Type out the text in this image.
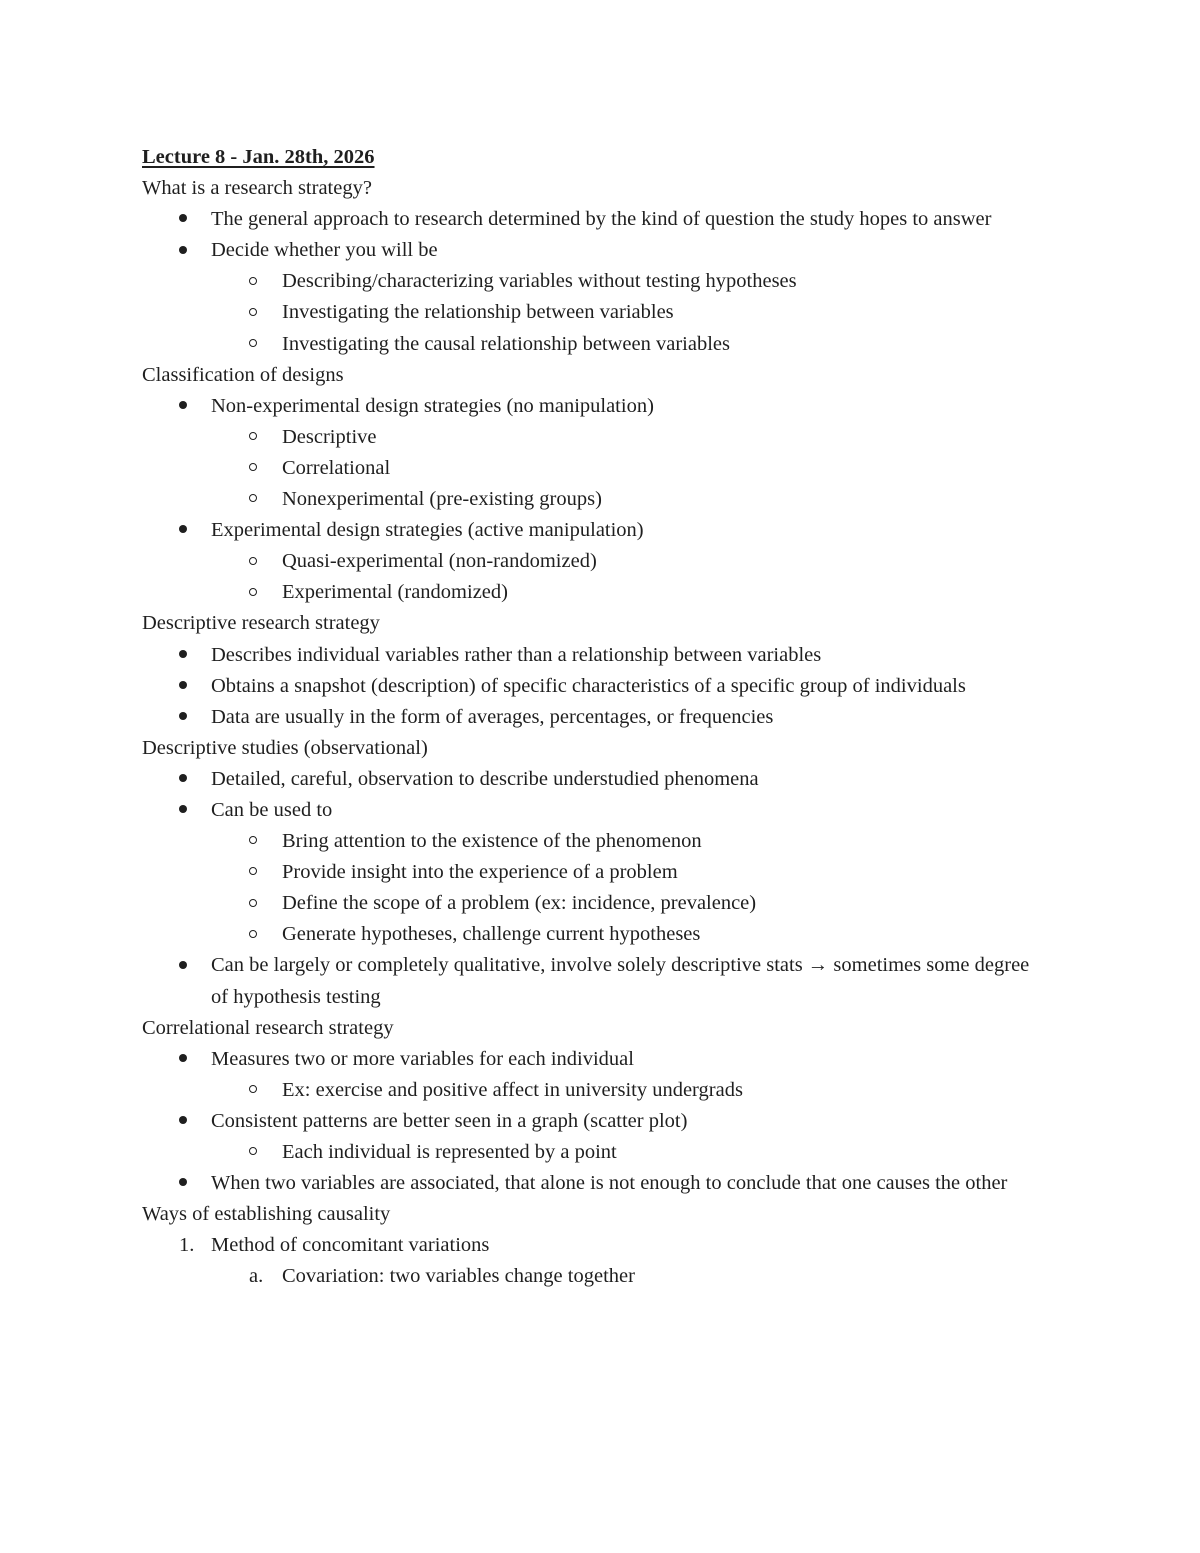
Lecture 8 - Jan. 28th, 2026
What is a research strategy?
The general approach to research determined by the kind of question the study hopes to answer
Decide whether you will be
Describing/characterizing variables without testing hypotheses
Investigating the relationship between variables
Investigating the causal relationship between variables
Classification of designs
Non-experimental design strategies (no manipulation)
Descriptive
Correlational
Nonexperimental (pre-existing groups)
Experimental design strategies (active manipulation)
Quasi-experimental (non-randomized)
Experimental (randomized)
Descriptive research strategy
Describes individual variables rather than a relationship between variables
Obtains a snapshot (description) of specific characteristics of a specific group of individuals
Data are usually in the form of averages, percentages, or frequencies
Descriptive studies (observational)
Detailed, careful, observation to describe understudied phenomena
Can be used to
Bring attention to the existence of the phenomenon
Provide insight into the experience of a problem
Define the scope of a problem (ex: incidence, prevalence)
Generate hypotheses, challenge current hypotheses
Can be largely or completely qualitative, involve solely descriptive stats → sometimes some degree of hypothesis testing
Correlational research strategy
Measures two or more variables for each individual
Ex: exercise and positive affect in university undergrads
Consistent patterns are better seen in a graph (scatter plot)
Each individual is represented by a point
When two variables are associated, that alone is not enough to conclude that one causes the other
Ways of establishing causality
1. Method of concomitant variations
a. Covariation: two variables change together
